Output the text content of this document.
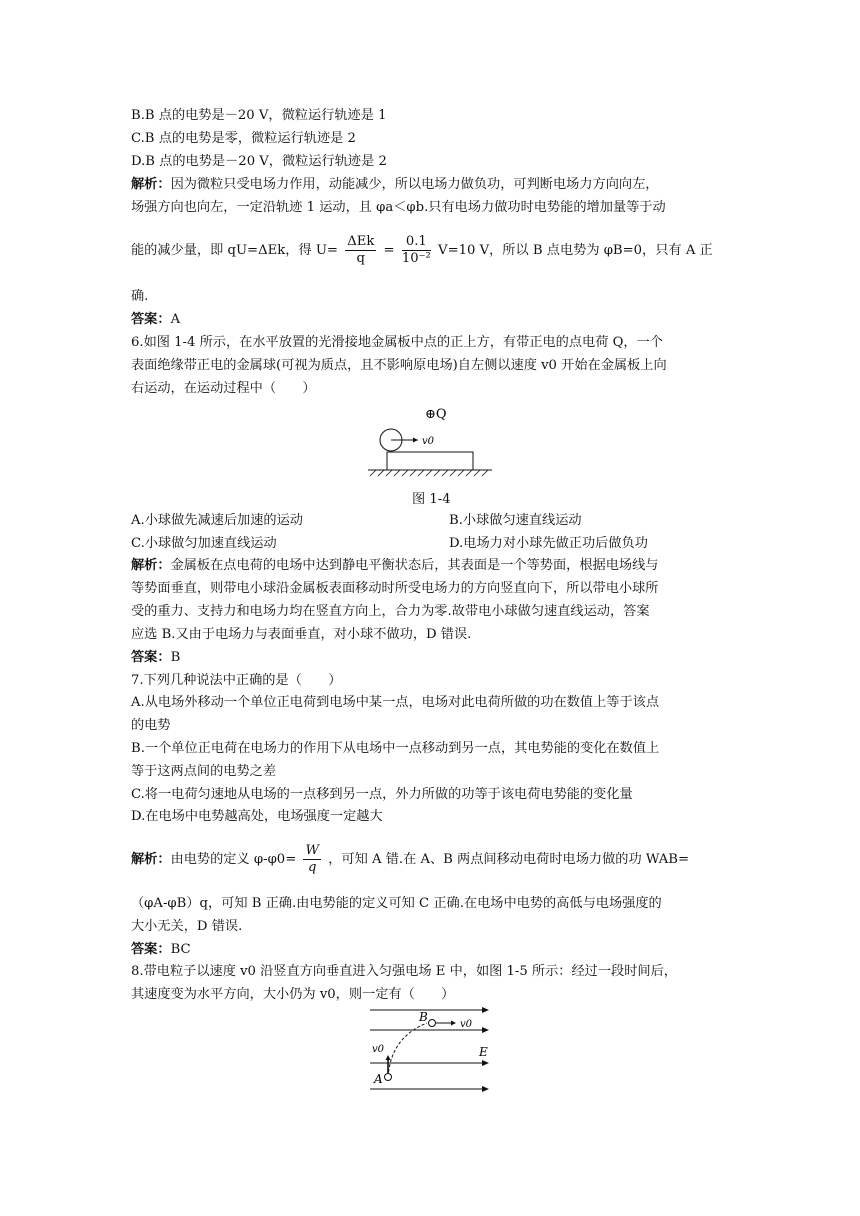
B.B 点的电势是－20 V，微粒运行轨迹是 1
C.B 点的电势是零，微粒运行轨迹是 2
D.B 点的电势是－20 V，微粒运行轨迹是 2
解析：因为微粒只受电场力作用，动能减少，所以电场力做负功，可判断电场力方向向左，
场强方向也向左，一定沿轨迹 1 运动，且 φa＜φb.只有电场力做功时电势能的增加量等于动
能的减少量，即 qU=ΔEk，得 $U= \frac{\text{ΔEk}}{q} = \frac{0.1}{\text{10⁻²}} V=10$ V，所以 B 点电势为 φB=0，只有 A 正
确.
答案：A
6.如图 1-4 所示，在水平放置的光滑接地金属板中点的正上方，有带正电的点电荷 Q，一个
表面绝缘带正电的金属球(可视为质点，且不影响原电场)自左侧以速度 v0 开始在金属板上向
右运动，在运动过程中（　　）
⊕Q
v0
图 1-4
A.小球做先减速后加速的运动	B.小球做匀速直线运动
C.小球做匀加速直线运动	D.电场力对小球先做正功后做负功
解析：金属板在点电荷的电场中达到静电平衡状态后，其表面是一个等势面，根据电场线与
等势面垂直，则带电小球沿金属板表面移动时所受电场力的方向竖直向下，所以带电小球所
受的重力、支持力和电场力均在竖直方向上，合力为零.故带电小球做匀速直线运动，答案
应选 B.又由于电场力与表面垂直，对小球不做功，D 错误.
答案：B
7.下列几种说法中正确的是（　　）
A.从电场外移动一个单位正电荷到电场中某一点，电场对此电荷所做的功在数值上等于该点
的电势
B.一个单位正电荷在电场力的作用下从电场中一点移动到另一点，其电势能的变化在数值上
等于这两点间的电势之差
C.将一电荷匀速地从电场的一点移到另一点，外力所做的功等于该电荷电势能的变化量
D.在电场中电势越高处，电场强度一定越大
解析：由电势的定义 $\varphi-\varphi 0= \frac{W}{q}$ ，可知 A 错.在 A、B 两点间移动电荷时电场力做的功 WAB=
（φA-φB）q，可知 B 正确.由电势能的定义可知 C 正确.在电场中电势的高低与电场强度的
大小无关，D 错误.
答案：BC
8.带电粒子以速度 v0 沿竖直方向垂直进入匀强电场 E 中，如图 1-5 所示：经过一段时间后，
其速度变为水平方向，大小仍为 v0，则一定有（　　）
B
A
E
v0
v0
